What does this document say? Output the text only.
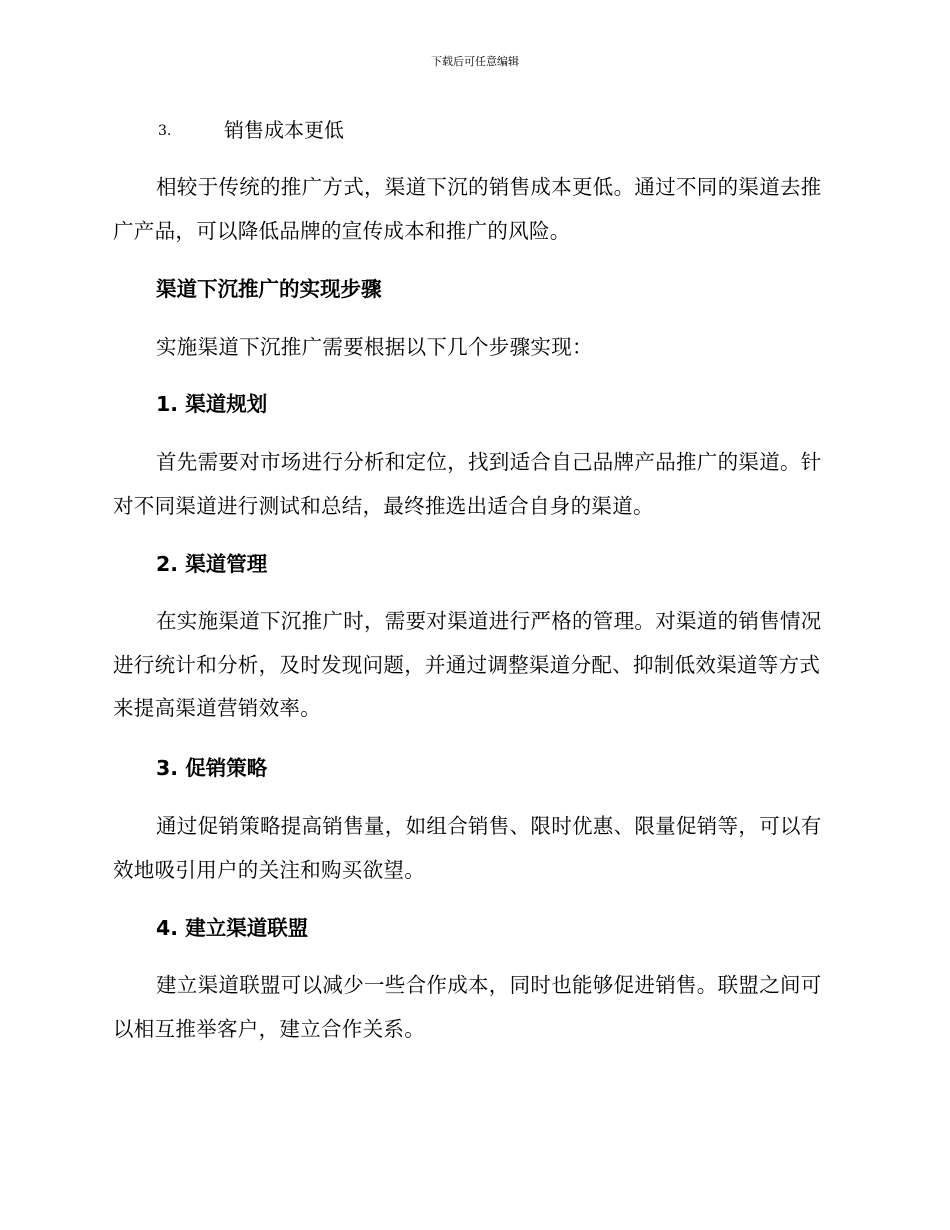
下载后可任意编辑
3.	销售成本更低

相较于传统的推广方式，渠道下沉的销售成本更低。通过不同的渠道去推广产品，可以降低品牌的宣传成本和推广的风险。

渠道下沉推广的实现步骤

实施渠道下沉推广需要根据以下几个步骤实现：

1. 渠道规划

首先需要对市场进行分析和定位，找到适合自己品牌产品推广的渠道。针对不同渠道进行测试和总结，最终推选出适合自身的渠道。

2. 渠道管理

在实施渠道下沉推广时，需要对渠道进行严格的管理。对渠道的销售情况进行统计和分析，及时发现问题，并通过调整渠道分配、抑制低效渠道等方式来提高渠道营销效率。

3. 促销策略

通过促销策略提高销售量，如组合销售、限时优惠、限量促销等，可以有效地吸引用户的关注和购买欲望。

4. 建立渠道联盟

建立渠道联盟可以减少一些合作成本，同时也能够促进销售。联盟之间可以相互推举客户，建立合作关系。
